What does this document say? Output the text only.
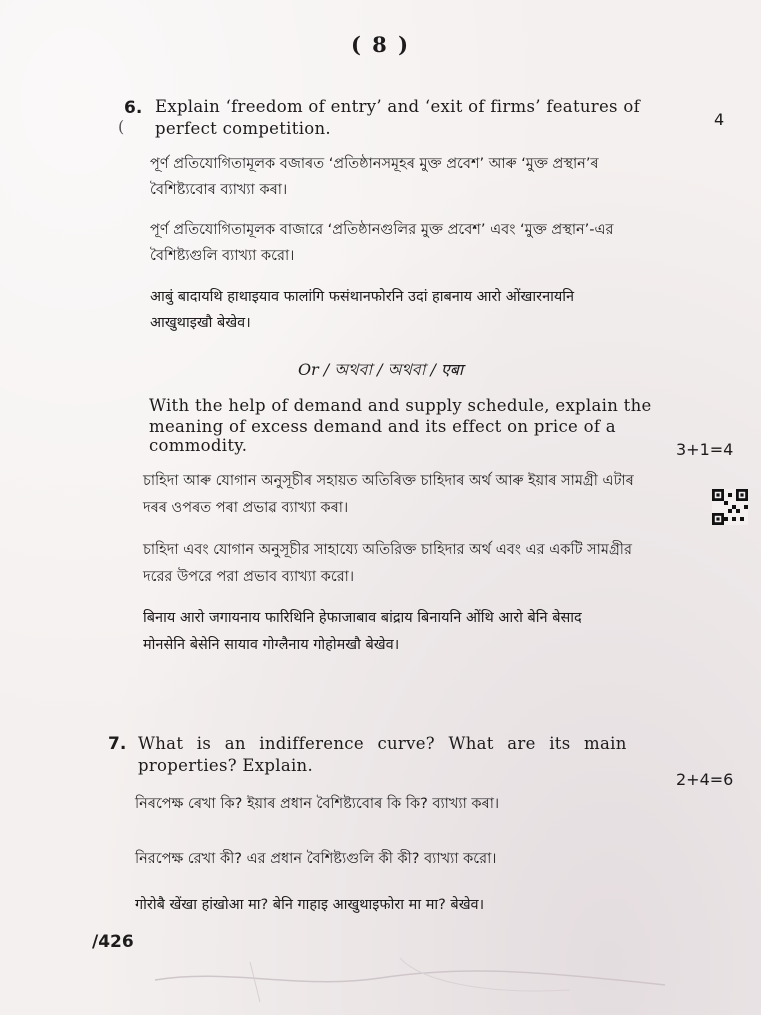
( 8 )
6.
(
Explain ‘freedom of entry’ and ‘exit of firms’ features of
perfect competition.	4
পূৰ্ণ প্ৰতিযোগিতামূলক বজাৰত ‘প্ৰতিষ্ঠানসমূহৰ মুক্ত প্ৰবেশ’ আৰু ‘মুক্ত প্ৰস্থান’ৰ
বৈশিষ্ট্যবোৰ ব্যাখ্যা কৰা।
পূর্ণ প্রতিযোগিতামূলক বাজারে ‘প্রতিষ্ঠানগুলির মুক্ত প্রবেশ’ এবং ‘মুক্ত প্রস্থান’-এর
বৈশিষ্ট্যগুলি ব্যাখ্যা করো।
आबुं बादायथि हाथाइयाव फालांगि फसंथानफोरनि उदां हाबनाय आरो ओंखारनायनि
आखुथाइखौ बेखेव।
Or / অথবা / অথবা / एबा
With the help of demand and supply schedule, explain the
meaning of excess demand and its effect on price of a
commodity.	3+1=4
চাহিদা আৰু যোগান অনুসূচীৰ সহায়ত অতিৰিক্ত চাহিদাৰ অৰ্থ আৰু ইয়াৰ সামগ্ৰী এটাৰ
দৰৰ ওপৰত পৰা প্ৰভাৱ ব্যাখ্যা কৰা।
চাহিদা এবং যোগান অনুসূচীর সাহায্যে অতিরিক্ত চাহিদার অর্থ এবং এর একটি সামগ্রীর
দরের উপরে পরা প্রভাব ব্যাখ্যা করো।
बिनाय आरो जगायनाय फारिथिनि हेफाजाबाव बांद्राय बिनायनि ओंथि आरो बेनि बेसाद
मोनसेनि बेसेनि सायाव गोग्लैनाय गोहोमखौ बेखेव।
7. What is an indifference curve? What are its main
properties? Explain.
2+4=6
নিৰপেক্ষ ৰেখা কি? ইয়াৰ প্ৰধান বৈশিষ্ট্যবোৰ কি কি? ব্যাখ্যা কৰা।
নিরপেক্ষ রেখা কী? এর প্রধান বৈশিষ্ট্যগুলি কী কী? ব্যাখ্যা করো।
गोरोबै खेंखा हांखोआ मा? बेनि गाहाइ आखुथाइफोरा मा मा? बेखेव।
/426
